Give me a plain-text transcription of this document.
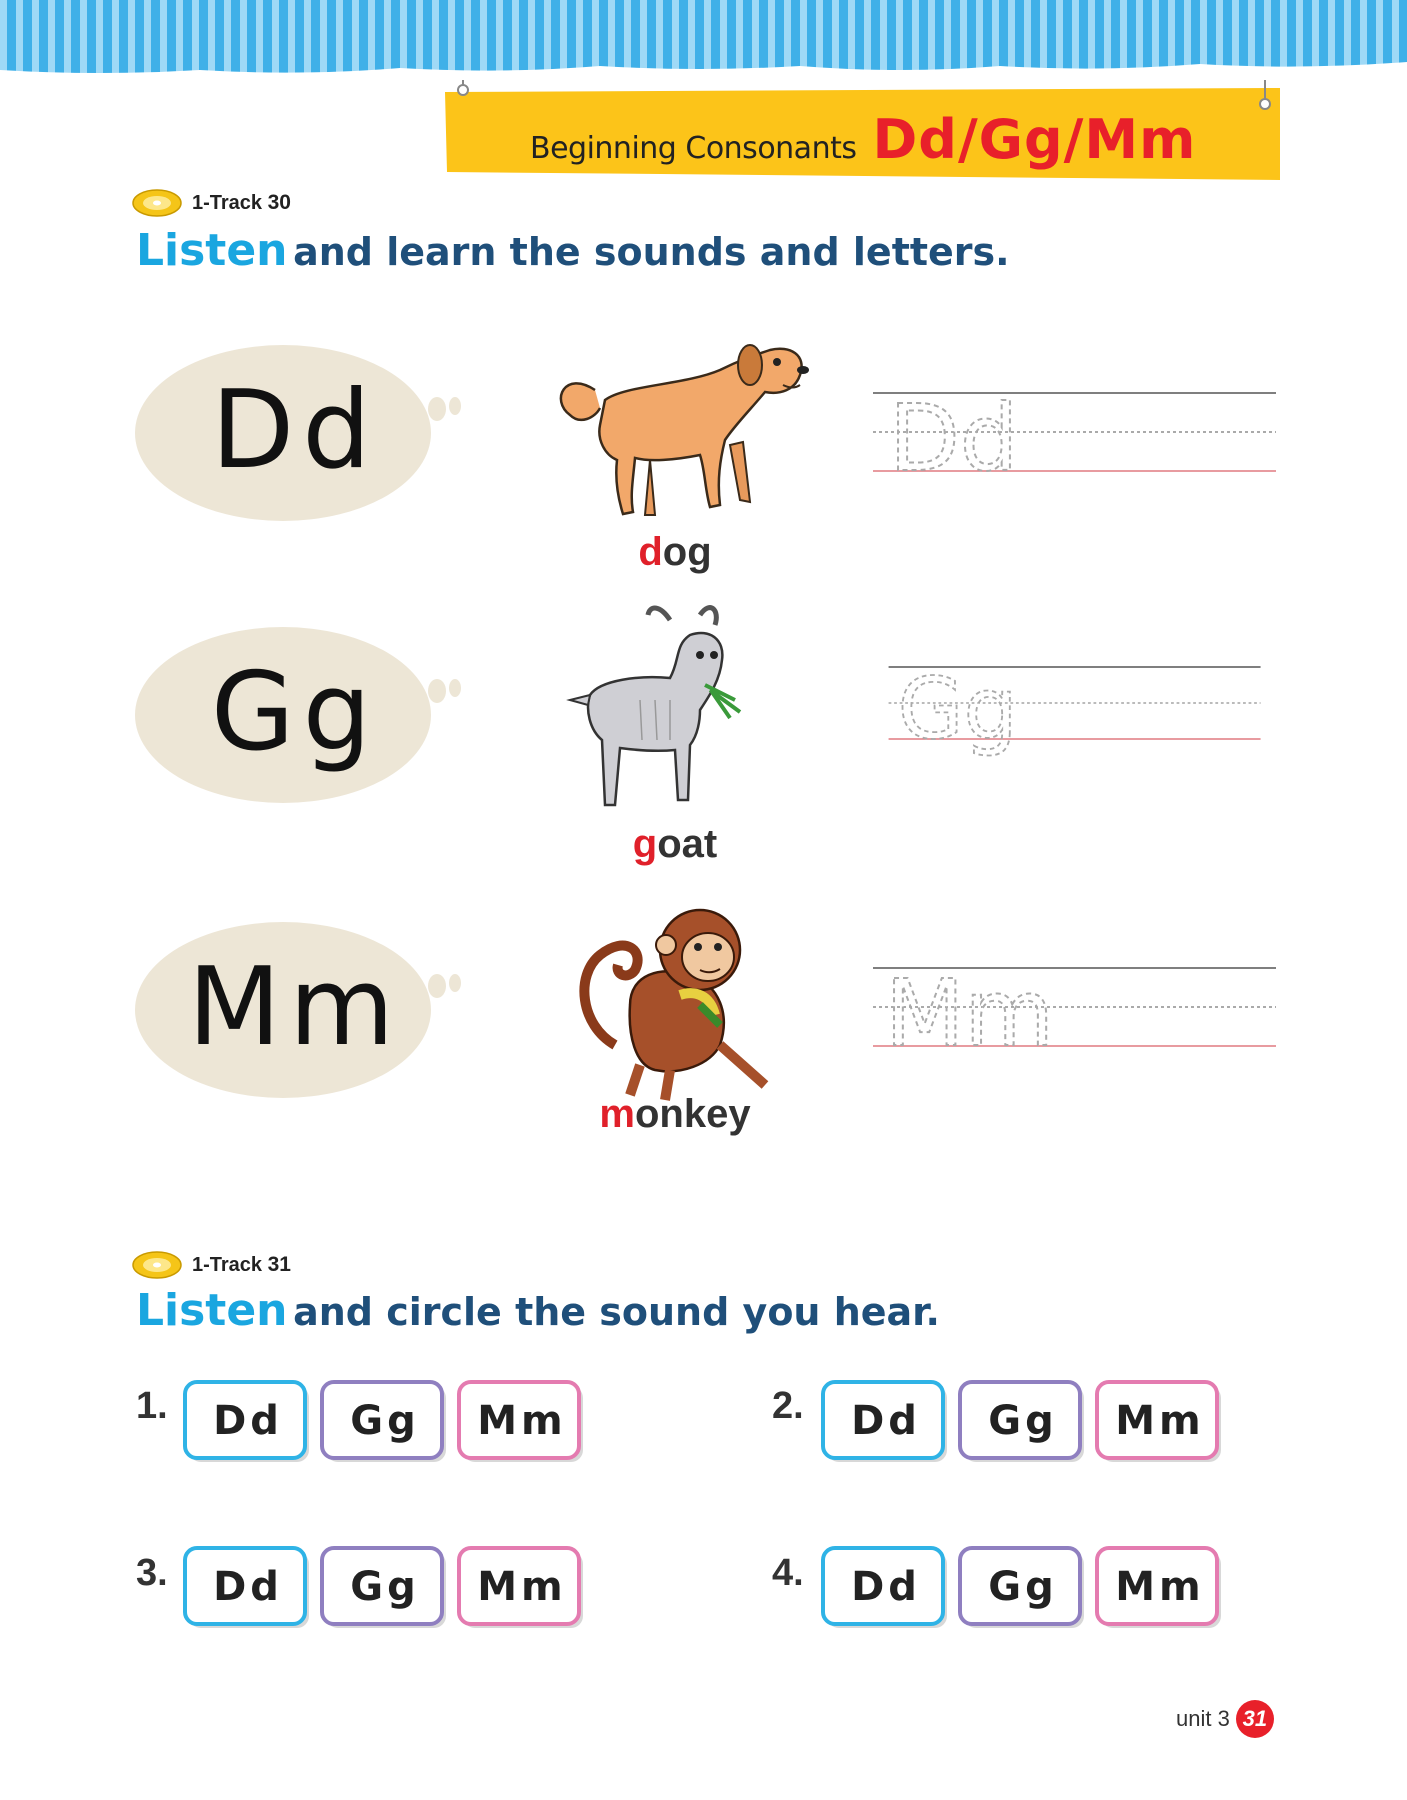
Beginning Consonants Dd/Gg/Mm
1-Track 30
Listen and learn the sounds and letters.
Dd
Gg
Mm
dog
goat
monkey
Dd
Gg
Mm
1-Track 31
Listen and circle the sound you hear.
1.	2.
3.	4.
Dd	Gg	Mm	Dd	Gg	Mm
Dd	Gg	Mm	Dd	Gg	Mm
unit 3 31
